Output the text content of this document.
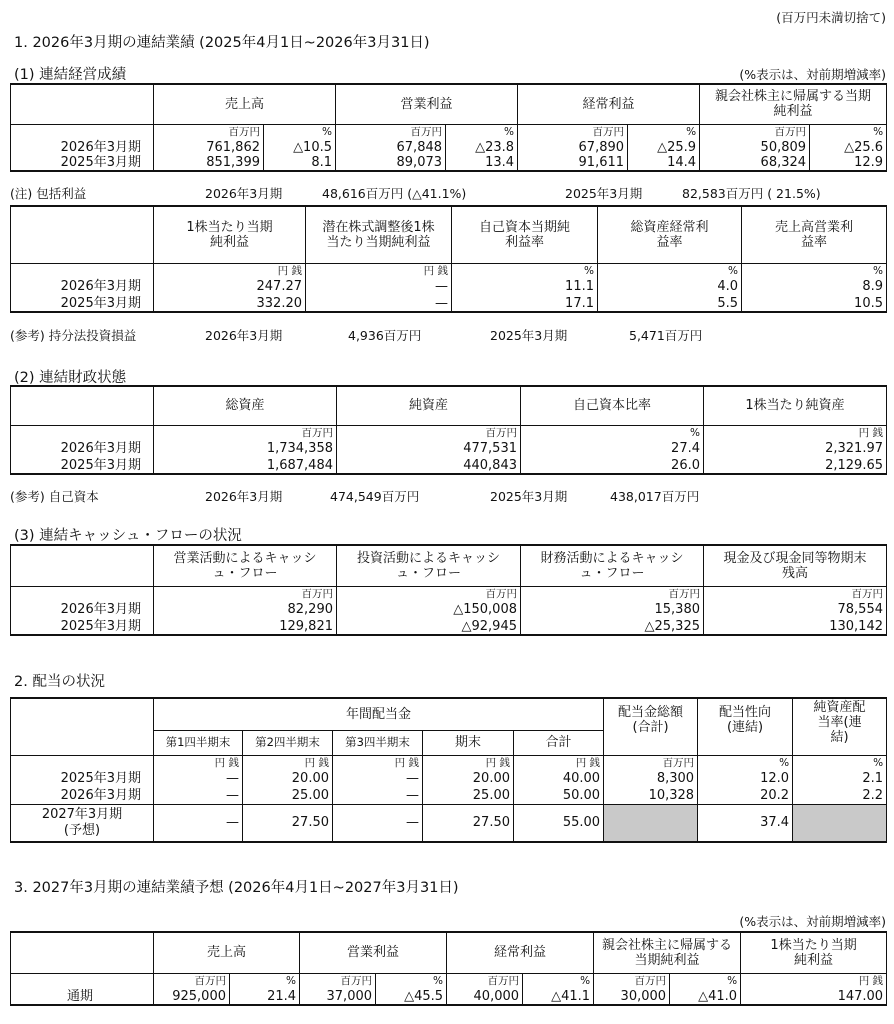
(百万円未満切捨て)
1. 2026年3月期の連結業績 (2025年4月1日~2026年3月31日)
(1) 連結経営成績	(%表示は、対前期増減率)
	売上高		営業利益		経常利益		親会社株主に帰属する当期純利益	
	百万円	%	百万円	%	百万円	%	百万円	%
2026年3月期	761,862	△10.5	67,848	△23.8	67,890	△25.9	50,809	△25.6
2025年3月期	851,399	8.1	89,073	13.4	91,611	14.4	68,324	12.9
(注) 包括利益	2026年3月期	48,616百万円 (△41.1%)	2025年3月期	82,583百万円 ( 21.5%)
	1株当たり当期純利益	潜在株式調整後1株当たり当期純利益	自己資本当期純利益率	総資産経常利益率	売上高営業利益率
	円 銭	円 銭	%	%	%
2026年3月期	247.27	—	11.1	4.0	8.9
2025年3月期	332.20	—	17.1	5.5	10.5
(参考) 持分法投資損益	2026年3月期	4,936百万円	2025年3月期	5,471百万円
(2) 連結財政状態
	総資産	純資産	自己資本比率	1株当たり純資産
	百万円	百万円	%	円 銭
2026年3月期	1,734,358	477,531	27.4	2,321.97
2025年3月期	1,687,484	440,843	26.0	2,129.65
(参考) 自己資本	2026年3月期	474,549百万円	2025年3月期	438,017百万円
(3) 連結キャッシュ・フローの状況
	営業活動によるキャッシュ・フロー	投資活動によるキャッシュ・フロー	財務活動によるキャッシュ・フロー	現金及び現金同等物期末残高
	百万円	百万円	百万円	百万円
2026年3月期	82,290	△150,008	15,380	78,554
2025年3月期	129,821	△92,945	△25,325	130,142
2. 配当の状況
	年間配当金					配当金総額(合計)	配当性向(連結)	純資産配当率(連結)
	第1四半期末	第2四半期末	第3四半期末	期末	合計			
	円 銭	円 銭	円 銭	円 銭	円 銭	百万円	%	%
2025年3月期	—	20.00	—	20.00	40.00	8,300	12.0	2.1
2026年3月期	—	25.00	—	25.00	50.00	10,328	20.2	2.2

2027年3月期
(予想)	—	27.50	—	27.50	55.00		37.4	
3. 2027年3月期の連結業績予想 (2026年4月1日~2027年3月31日)
(%表示は、対前期増減率)
	売上高		営業利益		経常利益		親会社株主に帰属する当期純利益		1株当たり当期純利益
	百万円	%	百万円	%	百万円	%	百万円	%	円 銭
通期	925,000	21.4	37,000	△45.5	40,000	△41.1	30,000	△41.0	147.00
